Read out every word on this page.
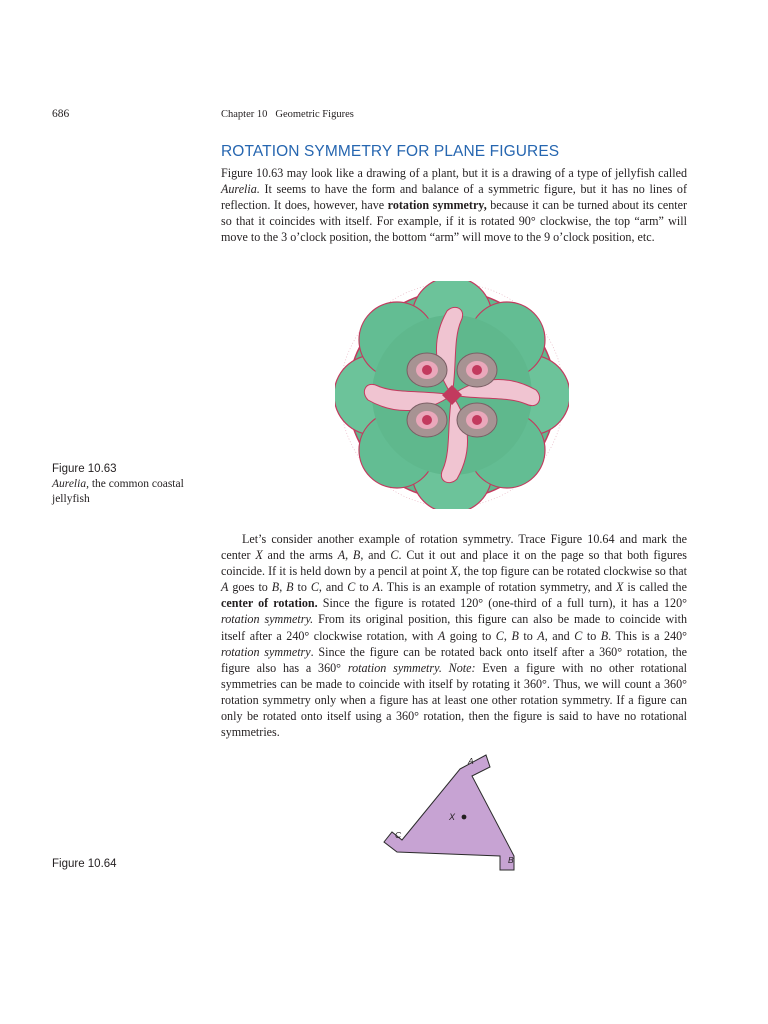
686	Chapter 10 Geometric Figures
ROTATION SYMMETRY FOR PLANE FIGURES

Figure 10.63 may look like a drawing of a plant, but it is a drawing of a type of jellyfish called Aurelia. It seems to have the form and balance of a symmetric figure, but it has no lines of reflection. It does, however, have rotation symmetry, because it can be turned about its center so that it coincides with itself. For example, if it is rotated 90° clockwise, the top “arm” will move to the 3 o’clock position, the bottom “arm” will move to the 9 o’clock position, etc.

Figure 10.63
Aurelia, the common coastal jellyfish

Let’s consider another example of rotation symmetry. Trace Figure 10.64 and mark the center X and the arms A, B, and C. Cut it out and place it on the page so that both figures coincide. If it is held down by a pencil at point X, the top figure can be rotated clockwise so that A goes to B, B to C, and C to A. This is an example of rotation symmetry, and X is called the center of rotation. Since the figure is rotated 120° (one-third of a full turn), it has a 120° rotation symmetry. From its original position, this figure can also be made to coincide with itself after a 240° clockwise rotation, with A going to C, B to A, and C to B. This is a 240° rotation symmetry. Since the figure can be rotated back onto itself after a 360° rotation, the figure also has a 360° rotation symmetry. Note: Even a figure with no other rotational symmetries can be made to coincide with itself by rotating it 360°. Thus, we will count a 360° rotation symmetry only when a figure has at least one other rotation symmetry. If a figure can only be rotated onto itself using a 360° rotation, then the figure is said to have no rotational symmetries.

A
B
C
X
Figure 10.64
